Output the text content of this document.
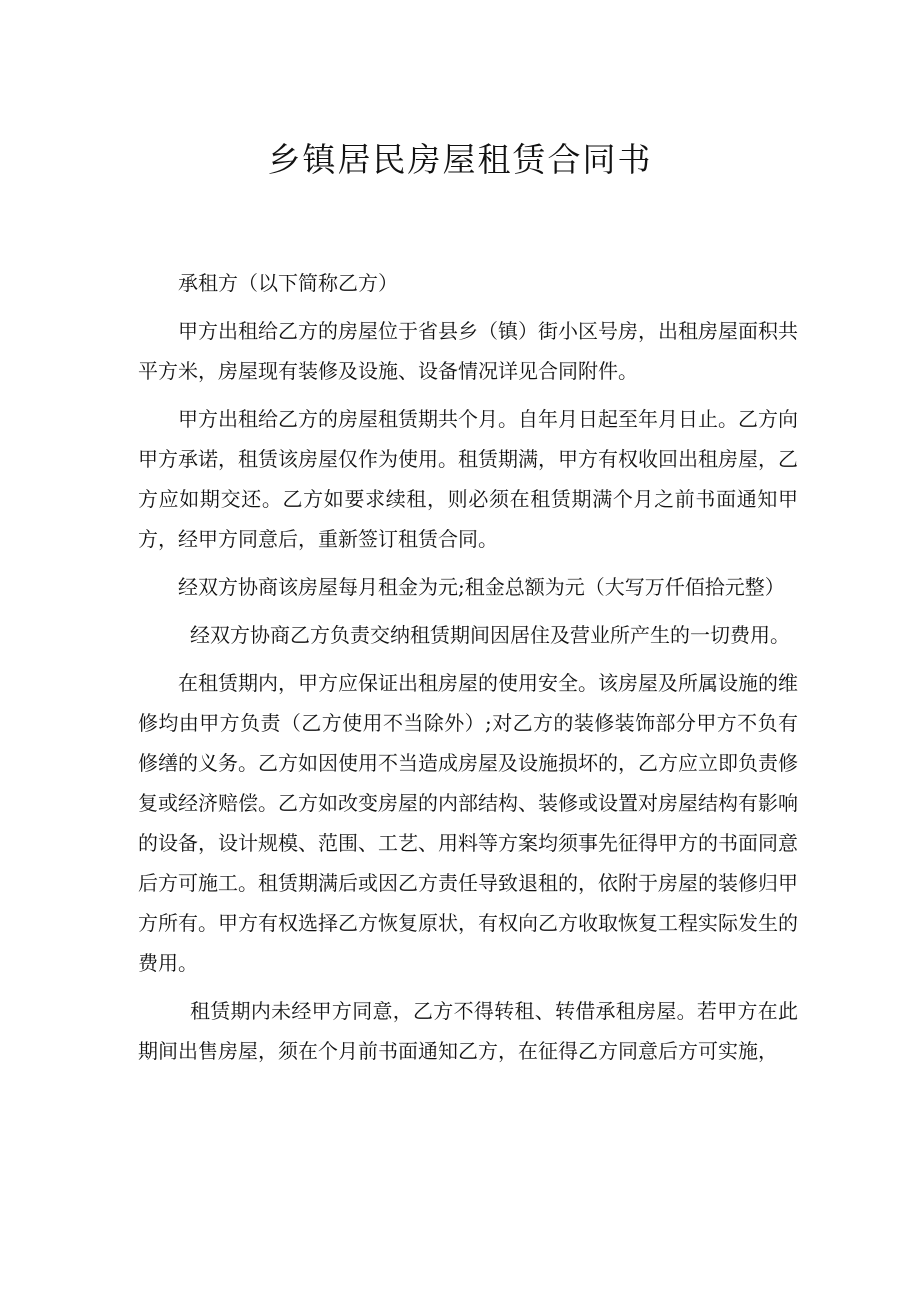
乡镇居民房屋租赁合同书

承租方（以下简称乙方）

甲方出租给乙方的房屋位于省县乡（镇）街小区号房，出租房屋面积共平方米，房屋现有装修及设施、设备情况详见合同附件。

甲方出租给乙方的房屋租赁期共个月。自年月日起至年月日止。乙方向甲方承诺，租赁该房屋仅作为使用。租赁期满，甲方有权收回出租房屋，乙方应如期交还。乙方如要求续租，则必须在租赁期满个月之前书面通知甲方，经甲方同意后，重新签订租赁合同。

经双方协商该房屋每月租金为元;租金总额为元（大写万仟佰拾元整）

经双方协商乙方负责交纳租赁期间因居住及营业所产生的一切费用。

在租赁期内，甲方应保证出租房屋的使用安全。该房屋及所属设施的维修均由甲方负责（乙方使用不当除外）;对乙方的装修装饰部分甲方不负有修缮的义务。乙方如因使用不当造成房屋及设施损坏的，乙方应立即负责修复或经济赔偿。乙方如改变房屋的内部结构、装修或设置对房屋结构有影响的设备，设计规模、范围、工艺、用料等方案均须事先征得甲方的书面同意后方可施工。租赁期满后或因乙方责任导致退租的，依附于房屋的装修归甲方所有。甲方有权选择乙方恢复原状，有权向乙方收取恢复工程实际发生的费用。

租赁期内未经甲方同意，乙方不得转租、转借承租房屋。若甲方在此期间出售房屋，须在个月前书面通知乙方，在征得乙方同意后方可实施，
